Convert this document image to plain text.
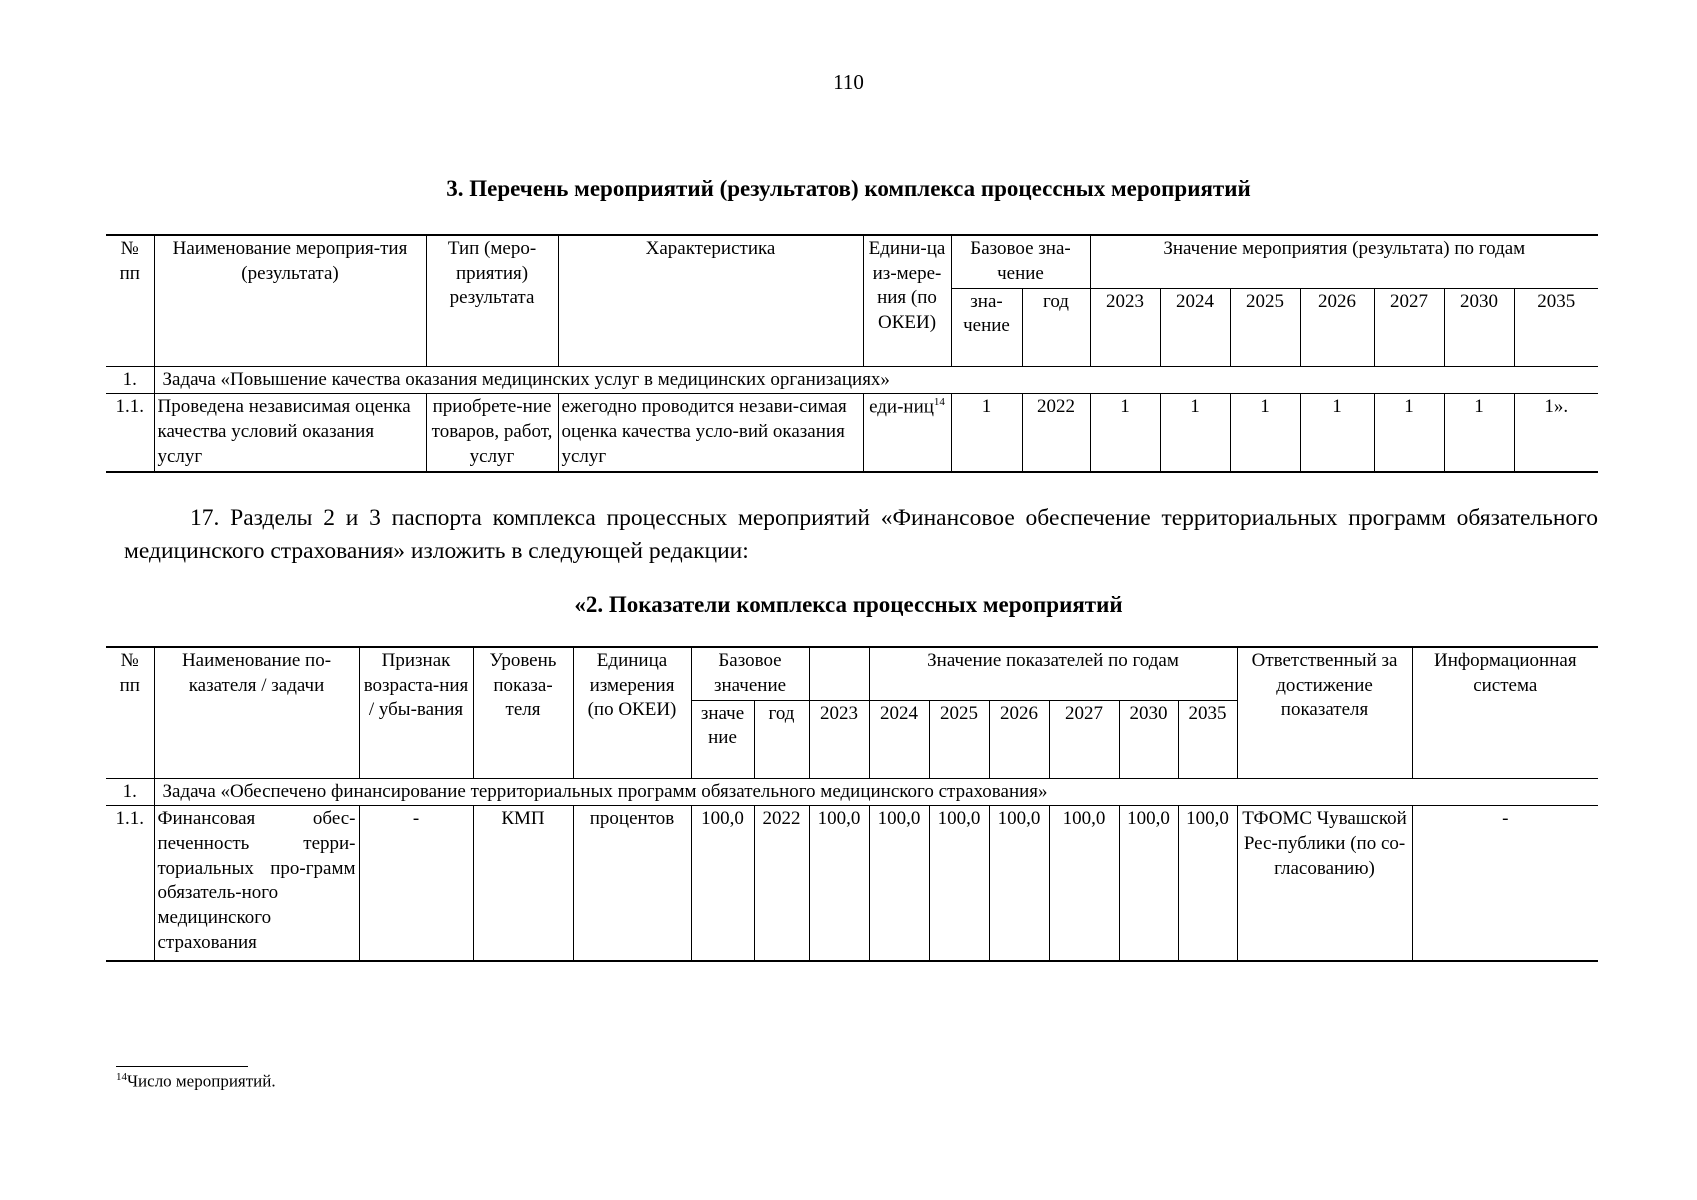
110
3. Перечень мероприятий (результатов) комплекса процессных мероприятий
№ пп	Наименование мероприя-тия (результата)	Тип (меро-приятия) результата	Характеристика	Едини-ца из-мере-ния (по ОКЕИ)	Базовое зна-чение		Значение мероприятия (результата) по годам						
					зна-чение	год	2023	2024	2025	2026	2027	2030	2035
1.	Задача «Повышение качества оказания медицинских услуг в медицинских организациях»												
1.1.	Проведена независимая оценка качества условий оказания услуг	приобрете-ние товаров, работ, услуг	ежегодно проводится незави-симая оценка качества усло-вий оказания услуг	еди-ниц$^{14}$	1	2022	1	1	1	1	1	1	1».
17. Разделы 2 и 3 паспорта комплекса процессных мероприятий «Финансовое обеспечение территориальных программ обязательного медицинского страхования» изложить в следующей редакции:
«2. Показатели комплекса процессных мероприятий
№ пп	Наименование по-казателя / задачи	Признак возраста-ния / убы-вания	Уровень показа-теля	Единица измерения (по ОКЕИ)	Базовое значение			Значение показателей по годам						Ответственный за достижение показателя	Информационная система
					значе ние	год	2023	2024	2025	2026	2027	2030	2035		
1.	Задача «Обеспечено финансирование территориальных программ обязательного медицинского страхования»														
1.1.	Финансовая обес-печенность терри-ториальных про-грамм обязатель-ного медицинского страхования	-	КМП	процентов	100,0	2022	100,0	100,0	100,0	100,0	100,0	100,0	100,0	ТФОМС Чувашской Рес-публики (по со-гласованию)	-
$^{14}$Число мероприятий.
